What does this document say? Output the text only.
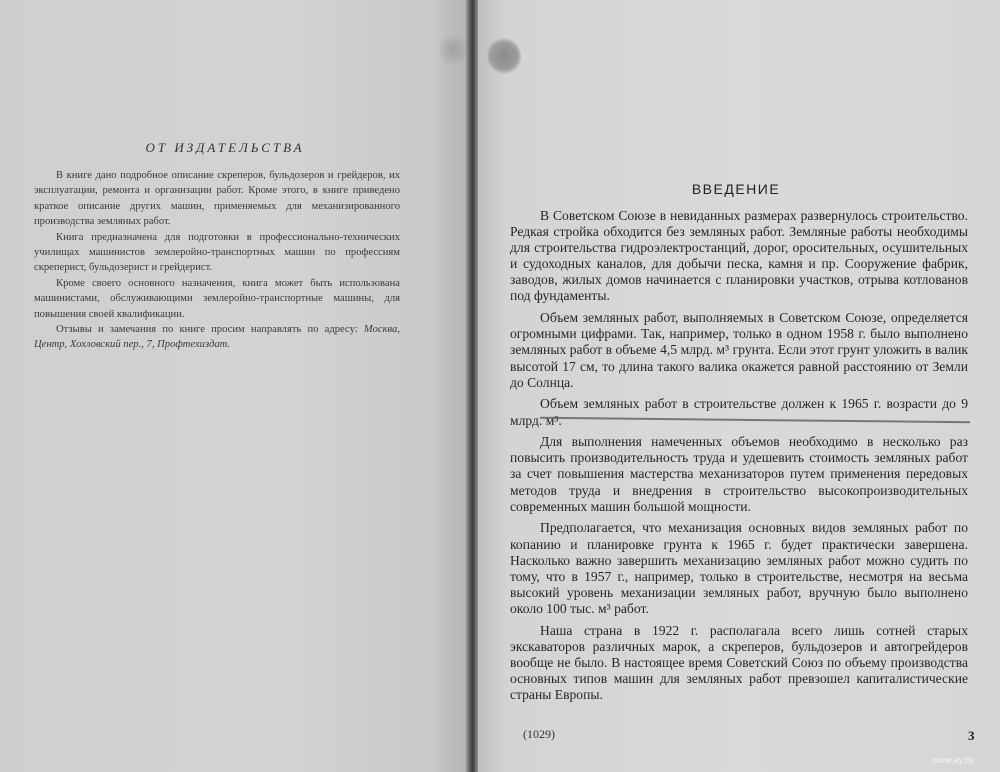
ОТ ИЗДАТЕЛЬСТВА

В книге дано подробное описание скреперов, бульдозеров и грейдеров, их эксплуатации, ремонта и организации работ. Кроме этого, в книге приведено краткое описание других машин, применяемых для механизированного производства земляных работ.

Книга предназначена для подготовки в профессионально-технических училищах машинистов землеройно-транспортных машин по профессиям скреперист, бульдозерист и грейдерист.

Кроме своего основного назначения, книга может быть использована машинистами, обслуживающими землеройно-транспортные машины, для повышения своей квалификации.

Отзывы и замечания по книге просим направлять по адресу: Москва, Центр, Хохловский пер., 7, Профтехиздат.

ВВЕДЕНИЕ

В Советском Союзе в невиданных размерах развернулось строительство. Редкая стройка обходится без земляных работ. Земляные работы необходимы для строительства гидроэлектростанций, дорог, оросительных, осушительных и судоходных каналов, для добычи песка, камня и пр. Сооружение фабрик, заводов, жилых домов начинается с планировки участков, отрыва котлованов под фундаменты.

Объем земляных работ, выполняемых в Советском Союзе, определяется огромными цифрами. Так, например, только в одном 1958 г. было выполнено земляных работ в объеме 4,5 млрд. м³ грунта. Если этот грунт уложить в валик высотой 17 см, то длина такого валика окажется равной расстоянию от Земли до Солнца.

Объем земляных работ в строительстве должен к 1965 г. возрасти до 9 млрд. м³.

Для выполнения намеченных объемов необходимо в несколько раз повысить производительность труда и удешевить стоимость земляных работ за счет повышения мастерства механизаторов путем применения передовых методов труда и внедрения в строительство высокопроизводительных современных машин большой мощности.

Предполагается, что механизация основных видов земляных работ по копанию и планировке грунта к 1965 г. будет практически завершена. Насколько важно завершить механизацию земляных работ можно судить по тому, что в 1957 г., например, только в строительстве, несмотря на весьма высокий уровень механизации земляных работ, вручную было выполнено около 100 тыс. м³ работ.

Наша страна в 1922 г. располагала всего лишь сотней старых экскаваторов различных марок, а скреперов, бульдозеров и автогрейдеров вообще не было. В настоящее время Советский Союз по объему производства основных типов машин для земляных работ превзошел капиталистические страны Европы.

(1029)	3
www.ay.by
